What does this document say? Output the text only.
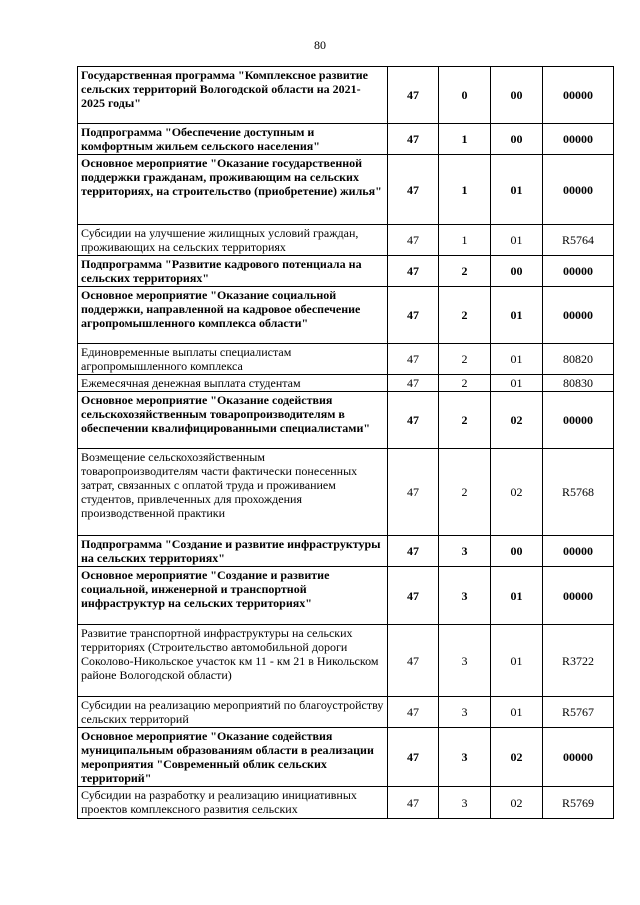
80
Государственная программа "Комплексное развитие сельских территорий Вологодской области на 2021-2025 годы"	47	0	00	00000
Подпрограмма "Обеспечение доступным и комфортным жильем сельского населения"	47	1	00	00000
Основное мероприятие "Оказание государственной поддержки гражданам, проживающим на сельских территориях, на строительство (приобретение) жилья"	47	1	01	00000
Субсидии на улучшение жилищных условий граждан, проживающих на сельских территориях	47	1	01	R5764
Подпрограмма "Развитие кадрового потенциала на сельских территориях"	47	2	00	00000
Основное мероприятие "Оказание социальной поддержки, направленной на кадровое обеспечение агропромышленного комплекса области"	47	2	01	00000
Единовременные выплаты специалистам агропромышленного комплекса	47	2	01	80820
Ежемесячная денежная выплата студентам	47	2	01	80830
Основное мероприятие "Оказание содействия сельскохозяйственным товаропроизводителям в обеспечении квалифицированными специалистами"	47	2	02	00000
Возмещение сельскохозяйственным товаропроизводителям части фактически понесенных затрат, связанных с оплатой труда и проживанием студентов, привлеченных для прохождения производственной практики	47	2	02	R5768
Подпрограмма "Создание и развитие инфраструктуры на сельских территориях"	47	3	00	00000
Основное мероприятие "Создание и развитие социальной, инженерной и транспортной инфраструктур на сельских территориях"	47	3	01	00000
Развитие транспортной инфраструктуры на сельских территориях (Строительство автомобильной дороги Соколово-Никольское участок км 11 - км 21 в Никольском районе Вологодской области)	47	3	01	R3722
Субсидии на реализацию мероприятий по благоустройству сельских территорий	47	3	01	R5767
Основное мероприятие "Оказание содействия муниципальным образованиям области в реализации мероприятия "Современный облик сельских территорий"	47	3	02	00000
Субсидии на разработку и реализацию инициативных проектов комплексного развития сельских	47	3	02	R5769
